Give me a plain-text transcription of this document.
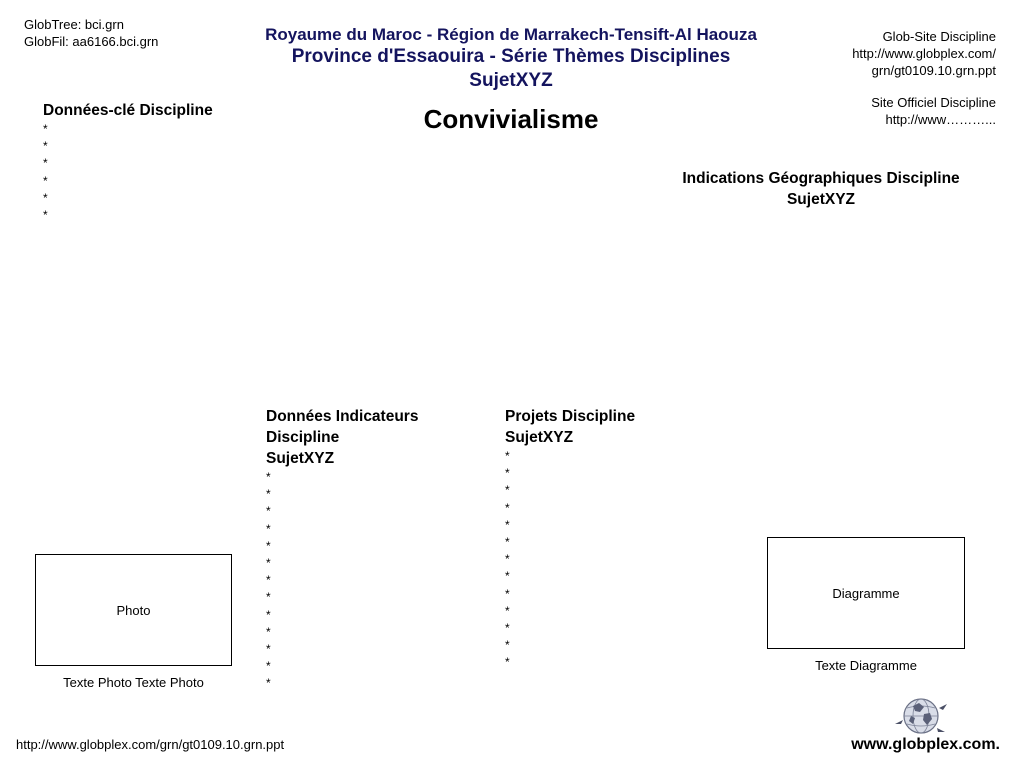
GlobTree: bci.grn
GlobFil: aa6166.bci.grn	Royaume du Maroc - Région de Marrakech-Tensift-Al Haouza
Province d'Essaouira - Série Thèmes Disciplines
SujetXYZ
Convivialisme
Glob-Site Discipline
http://www.globplex.com/
grn/gt0109.10.grn.ppt
Site Officiel Discipline
http://www………...
Données-clé Discipline
*
*
*
*
*
*
Indications Géographiques Discipline
SujetXYZ
Données Indicateurs
Discipline
SujetXYZ
*
*
*
*
*
*
*
*
*
*
*
*
*
Projets Discipline
SujetXYZ
*
*
*
*
*
*
*
*
*
*
*
*
*
Photo
Texte Photo Texte Photo
Diagramme
Texte Diagramme
http://www.globplex.com/grn/gt0109.10.grn.ppt	www.globplex.com.
